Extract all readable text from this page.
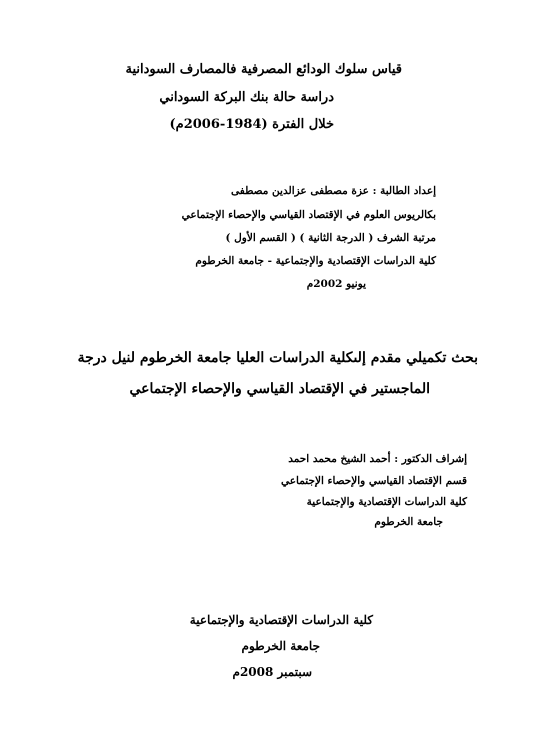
قياس سلوك الودائع المصرفية فالمصارف السودانية
دراسة حالة بنك البركة السوداني
خلال الفترة (1984-2006م)
إعداد الطالبة : عزة مصطفى عزالدين مصطفى
بكالريوس العلوم في الإقتصاد القياسي والإحصاء الإجتماعي
مرتبة الشرف ( الدرجة الثانية ) ( القسم الأول )
كلية الدراسات الإقتصادية والإجتماعية - جامعة الخرطوم
يونيو 2002م
بحث تكميلي مقدم إلىكلية الدراسات العليا جامعة الخرطوم لنيل درجة
الماجستير في الإقتصاد القياسي والإحصاء الإجتماعي
إشراف الدكتور : أحمد الشيخ محمد احمد
قسم الإقتصاد القياسي والإحصاء الإجتماعي
كلية الدراسات الإقتصادية والإجتماعية
جامعة الخرطوم
كلية الدراسات الإقتصادية والإجتماعية
جامعة الخرطوم
سبتمبر 2008م
